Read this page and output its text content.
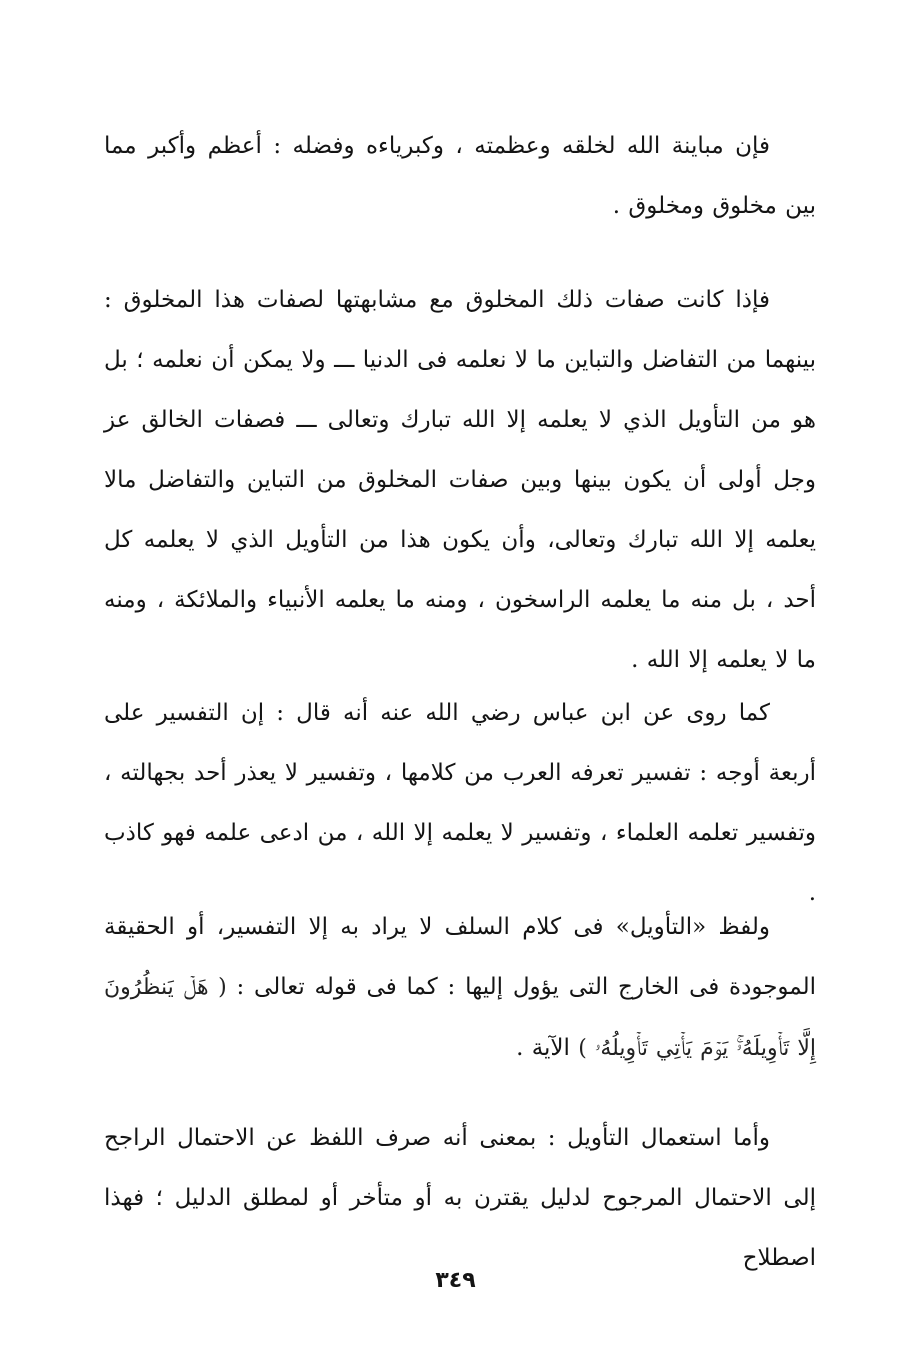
فإن مباينة الله لخلقه وعظمته ، وكبرياءه وفضله : أعظم وأكبر مما بين مخلوق ومخلوق .

فإذا كانت صفات ذلك المخلوق مع مشابهتها لصفات هذا المخلوق : بينهما من التفاضل والتباين ما لا نعلمه فى الدنيا ـــ ولا يمكن أن نعلمه ؛ بل هو من التأويل الذي لا يعلمه إلا الله تبارك وتعالى ـــ فصفات الخالق عز وجل أولى أن يكون بينها وبين صفات المخلوق من التباين والتفاضل مالا يعلمه إلا الله تبارك وتعالى، وأن يكون هذا من التأويل الذي لا يعلمه كل أحد ، بل منه ما يعلمه الراسخون ، ومنه ما يعلمه الأنبياء والملائكة ، ومنه ما لا يعلمه إلا الله .

كما روى عن ابن عباس رضي الله عنه أنه قال : إن التفسير على أربعة أوجه : تفسير تعرفه العرب من كلامها ، وتفسير لا يعذر أحد بجهالته ، وتفسير تعلمه العلماء ، وتفسير لا يعلمه إلا الله ، من ادعى علمه فهو كاذب .

ولفظ «التأويل» فى كلام السلف لا يراد به إلا التفسير، أو الحقيقة الموجودة فى الخارج التى يؤول إليها : كما فى قوله تعالى : ( هَلۡ يَنظُرُونَ إِلَّا تَأۡوِيلَهُۥۚ يَوۡمَ يَأۡتِي تَأۡوِيلُهُۥ ) الآية .

وأما استعمال التأويل : بمعنى أنه صرف اللفظ عن الاحتمال الراجح إلى الاحتمال المرجوح لدليل يقترن به أو متأخر أو لمطلق الدليل ؛ فهذا اصطلاح

٣٤٩
